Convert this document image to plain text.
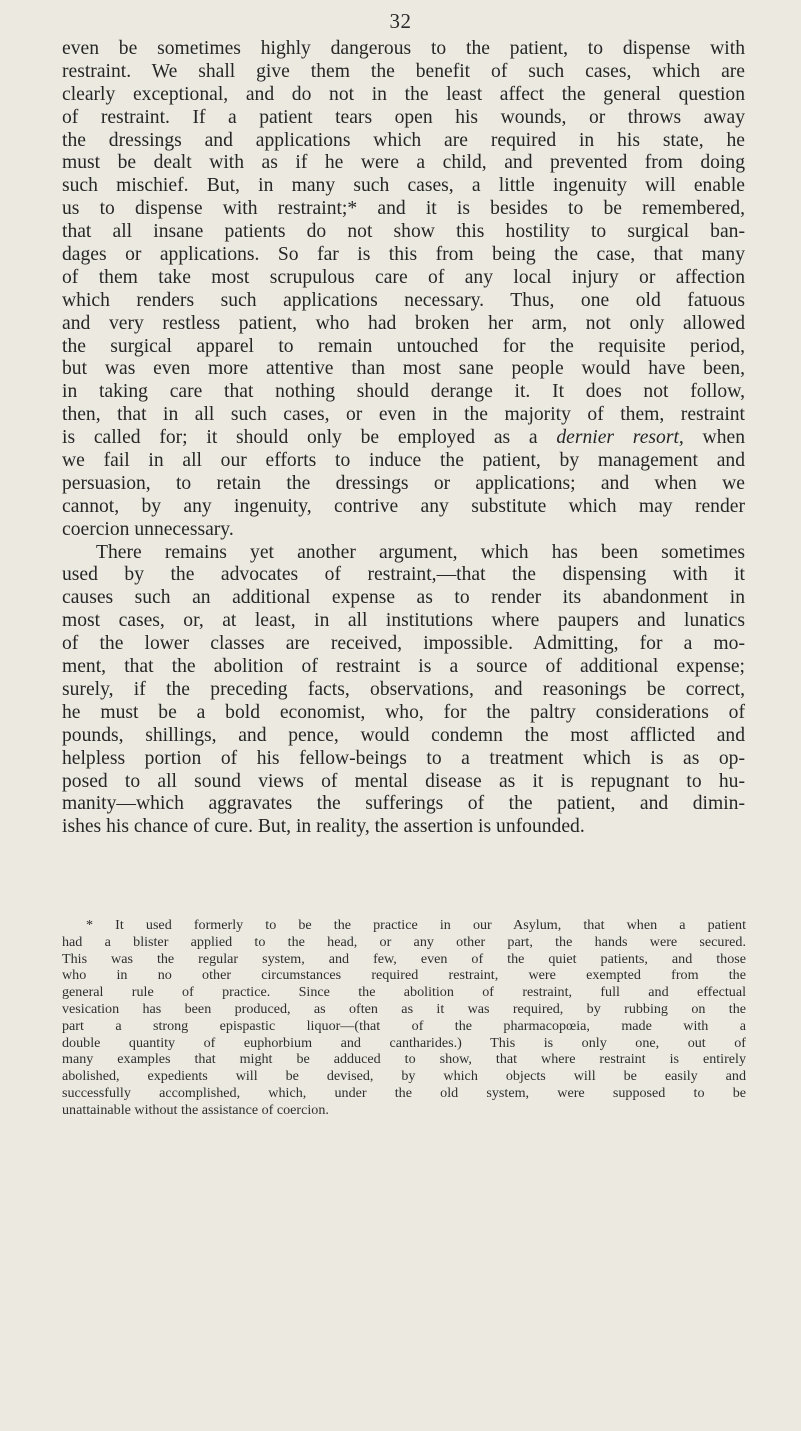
32
even be sometimes highly dangerous to the patient, to dispense with
restraint. We shall give them the benefit of such cases, which are
clearly exceptional, and do not in the least affect the general question
of restraint. If a patient tears open his wounds, or throws away
the dressings and applications which are required in his state, he
must be dealt with as if he were a child, and prevented from doing
such mischief. But, in many such cases, a little ingenuity will enable
us to dispense with restraint;* and it is besides to be remembered,
that all insane patients do not show this hostility to surgical ban-
dages or applications. So far is this from being the case, that many
of them take most scrupulous care of any local injury or affection
which renders such applications necessary. Thus, one old fatuous
and very restless patient, who had broken her arm, not only allowed
the surgical apparel to remain untouched for the requisite period,
but was even more attentive than most sane people would have been,
in taking care that nothing should derange it. It does not follow,
then, that in all such cases, or even in the majority of them, restraint
is called for; it should only be employed as a dernier resort, when
we fail in all our efforts to induce the patient, by management and
persuasion, to retain the dressings or applications; and when we
cannot, by any ingenuity, contrive any substitute which may render
coercion unnecessary.
There remains yet another argument, which has been sometimes
used by the advocates of restraint,—that the dispensing with it
causes such an additional expense as to render its abandonment in
most cases, or, at least, in all institutions where paupers and lunatics
of the lower classes are received, impossible. Admitting, for a mo-
ment, that the abolition of restraint is a source of additional expense;
surely, if the preceding facts, observations, and reasonings be correct,
he must be a bold economist, who, for the paltry considerations of
pounds, shillings, and pence, would condemn the most afflicted and
helpless portion of his fellow-beings to a treatment which is as op-
posed to all sound views of mental disease as it is repugnant to hu-
manity—which aggravates the sufferings of the patient, and dimin-
ishes his chance of cure. But, in reality, the assertion is unfounded.
* It used formerly to be the practice in our Asylum, that when a patient
had a blister applied to the head, or any other part, the hands were secured.
This was the regular system, and few, even of the quiet patients, and those
who in no other circumstances required restraint, were exempted from the
general rule of practice. Since the abolition of restraint, full and effectual
vesication has been produced, as often as it was required, by rubbing on the
part a strong epispastic liquor—(that of the pharmacopœia, made with a
double quantity of euphorbium and cantharides.) This is only one, out of
many examples that might be adduced to show, that where restraint is entirely
abolished, expedients will be devised, by which objects will be easily and
successfully accomplished, which, under the old system, were supposed to be
unattainable without the assistance of coercion.
